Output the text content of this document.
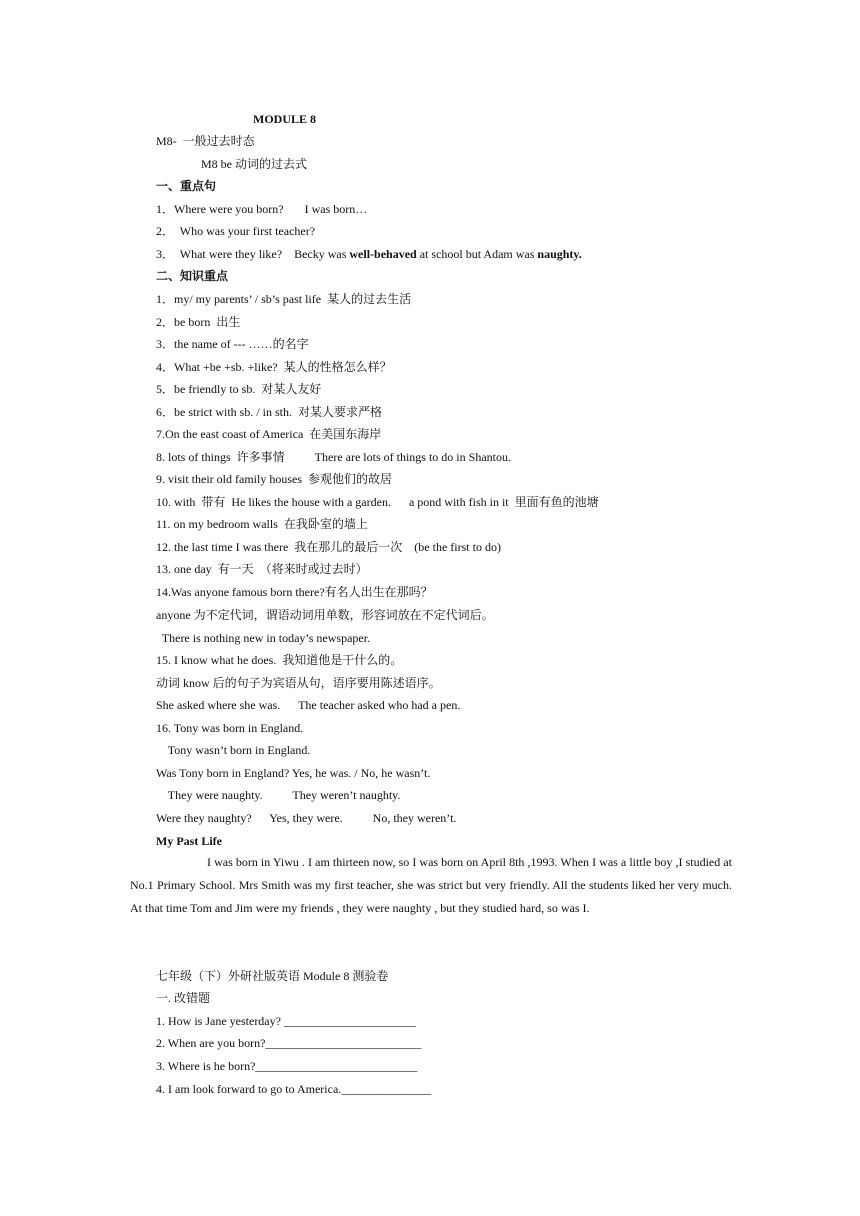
MODULE 8
M8-  一般过去时态
M8 be 动词的过去式
一、重点句
1．Where were you born?       I was born…
2．  Who was your first teacher?
3．  What were they like?    Becky was well-behaved at school but Adam was naughty.
二、知识重点
1．my/ my parents’ / sb’s past life  某人的过去生活
2．be born  出生
3．the name of --- ……的名字
4．What +be +sb. +like?  某人的性格怎么样？
5．be friendly to sb.  对某人友好
6．be strict with sb. / in sth.  对某人要求严格
7.On the east coast of America  在美国东海岸
8. lots of things  许多事情          There are lots of things to do in Shantou.
9. visit their old family houses  参观他们的故居
10. with  带有  He likes the house with a garden.      a pond with fish in it  里面有鱼的池塘
11. on my bedroom walls  在我卧室的墙上
12. the last time I was there  我在那儿的最后一次    (be the first to do)
13. one day  有一天  （将来时或过去时）
14.Was anyone famous born there?有名人出生在那吗？
anyone 为不定代词，谓语动词用单数，形容词放在不定代词后。
There is nothing new in today’s newspaper.
15. I know what he does.  我知道他是干什么的。
动词 know 后的句子为宾语从句，语序要用陈述语序。
She asked where she was.      The teacher asked who had a pen.
16. Tony was born in England.
Tony wasn’t born in England.
Was Tony born in England? Yes, he was. / No, he wasn’t.
They were naughty.          They weren’t naughty.
Were they naughty?      Yes, they were.          No, they weren’t.
My Past Life
I was born in Yiwu . I am thirteen now, so I was born on April 8th ,1993. When I was a little boy ,I studied at No.1 Primary School. Mrs Smith was my first teacher, she was strict but very friendly. All the students liked her very much. At that time Tom and Jim were my friends , they were naughty , but they studied hard, so was I.
七年级（下）外研社版英语 Module 8 测验卷
一. 改错题
1. How is Jane yesterday? ______________________
2. When are you born?__________________________
3. Where is he born?___________________________
4. I am look forward to go to America._______________
